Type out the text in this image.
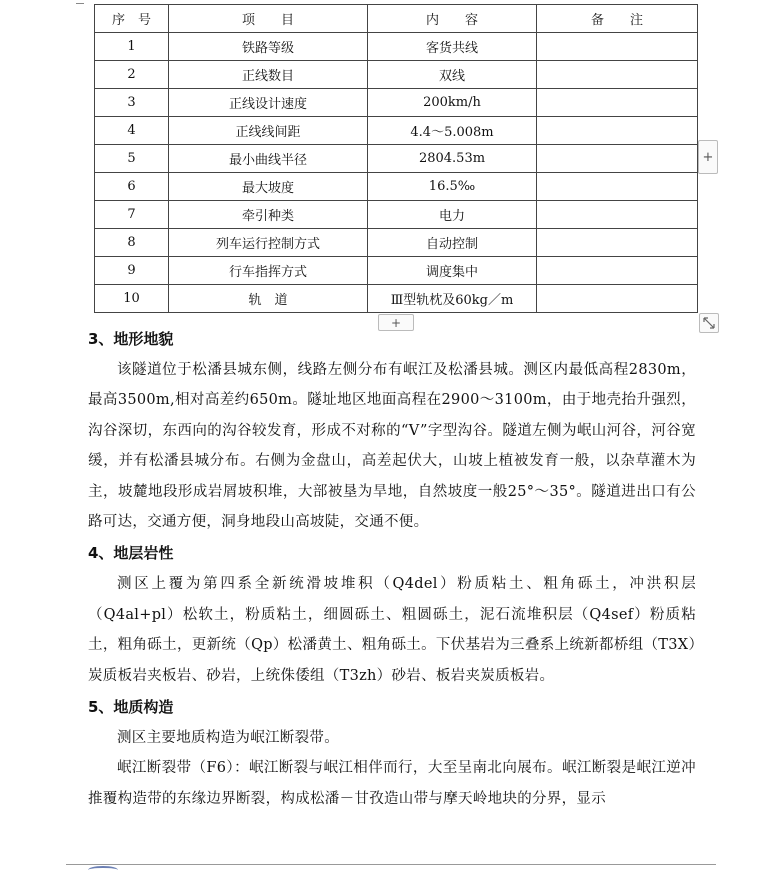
序　号	项　　目	内　　容	备　　注
1	铁路等级	客货共线	
2	正线数目	双线	
3	正线设计速度	200km/h	
4	正线线间距	4.4～5.008m	
5	最小曲线半径	2804.53m	
6	最大坡度	16.5‰	
7	牵引种类	电力	
8	列车运行控制方式	自动控制	
9	行车指挥方式	调度集中	
10	轨　道	Ⅲ型轨枕及60kg／m	
+
+
3、地形地貌

该隧道位于松潘县城东侧，线路左侧分布有岷江及松潘县城。测区内最低高程2830m，最高3500m,相对高差约650m。隧址地区地面高程在2900～3100m，由于地壳抬升强烈，沟谷深切，东西向的沟谷较发育，形成不对称的“V”字型沟谷。隧道左侧为岷山河谷，河谷宽缓，并有松潘县城分布。右侧为金盘山，高差起伏大，山坡上植被发育一般，以杂草灌木为主，坡麓地段形成岩屑坡积堆，大部被垦为旱地，自然坡度一般25°～35°。隧道进出口有公路可达，交通方便，洞身地段山高坡陡，交通不便。

4、地层岩性

测区上覆为第四系全新统滑坡堆积（Q4del）粉质粘土、粗角砾土，冲洪积层（Q4al+pl）松软土，粉质粘土，细圆砾土、粗圆砾土，泥石流堆积层（Q4sef）粉质粘土，粗角砾土，更新统（Qp）松潘黄土、粗角砾土。下伏基岩为三叠系上统新都桥组（T3X）炭质板岩夹板岩、砂岩，上统侏倭组（T3zh）砂岩、板岩夹炭质板岩。

5、地质构造

测区主要地质构造为岷江断裂带。

岷江断裂带（F6）：岷江断裂与岷江相伴而行，大至呈南北向展布。岷江断裂是岷江逆冲推覆构造带的东缘边界断裂，构成松潘－甘孜造山带与摩天岭地块的分界，显示
